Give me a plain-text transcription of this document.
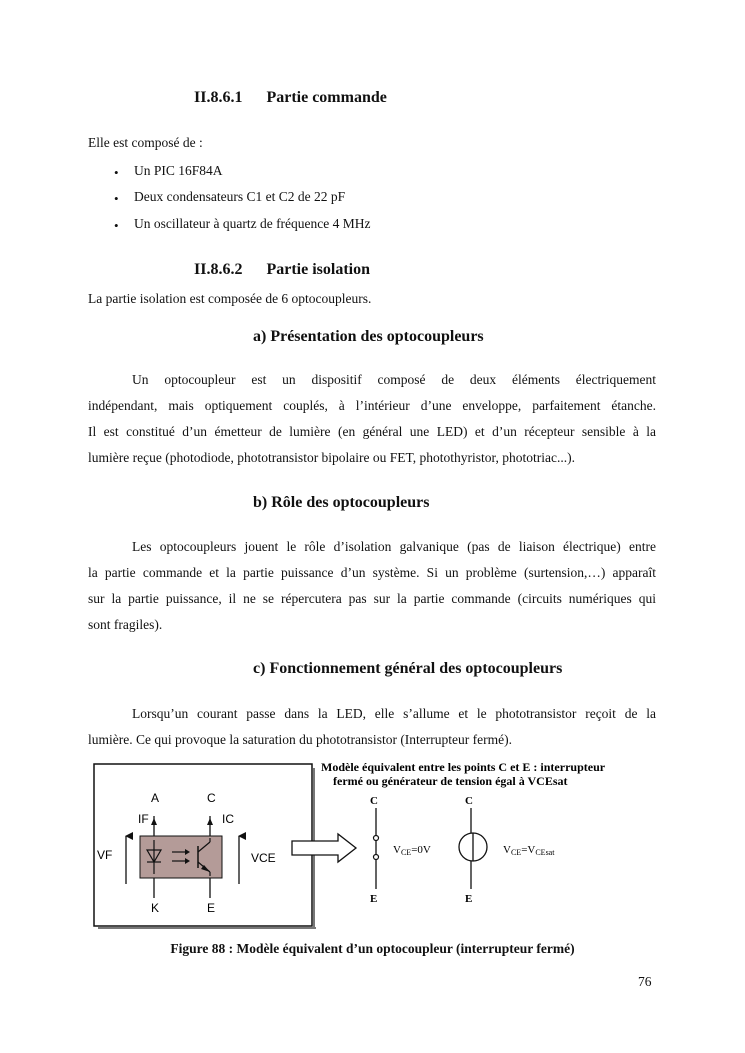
II.8.6.1 Partie commande
Elle est composé de :
• Un PIC 16F84A
• Deux condensateurs C1 et C2 de 22 pF
• Un oscillateur à quartz de fréquence 4 MHz
II.8.6.2 Partie isolation
La partie isolation est composée de 6 optocoupleurs.
a) Présentation des optocoupleurs
Un optocoupleur est un dispositif composé de deux éléments électriquement
indépendant, mais optiquement couplés, à l’intérieur d’une enveloppe, parfaitement étanche.
Il est constitué d’un émetteur de lumière (en général une LED) et d’un récepteur sensible à la
lumière reçue (photodiode, phototransistor bipolaire ou FET, photothyristor, phototriac...).
b) Rôle des optocoupleurs
Les optocoupleurs jouent le rôle d’isolation galvanique (pas de liaison électrique) entre
la partie commande et la partie puissance d’un système. Si un problème (surtension,…) apparaît
sur la partie puissance, il ne se répercutera pas sur la partie commande (circuits numériques qui
sont fragiles).
c) Fonctionnement général des optocoupleurs
Lorsqu’un courant passe dans la LED, elle s’allume et le phototransistor reçoit de la
lumière. Ce qui provoque la saturation du phototransistor (Interrupteur fermé).
A	C
IF	IC
VF	VCE
K	E
Modèle équivalent entre les points C et E : interrupteur
fermé ou générateur de tension égal à VCEsat
C
E
VCE=0V
C
E
VCE=VCEsat
Figure 88 : Modèle équivalent d’un optocoupleur (interrupteur fermé)
76
